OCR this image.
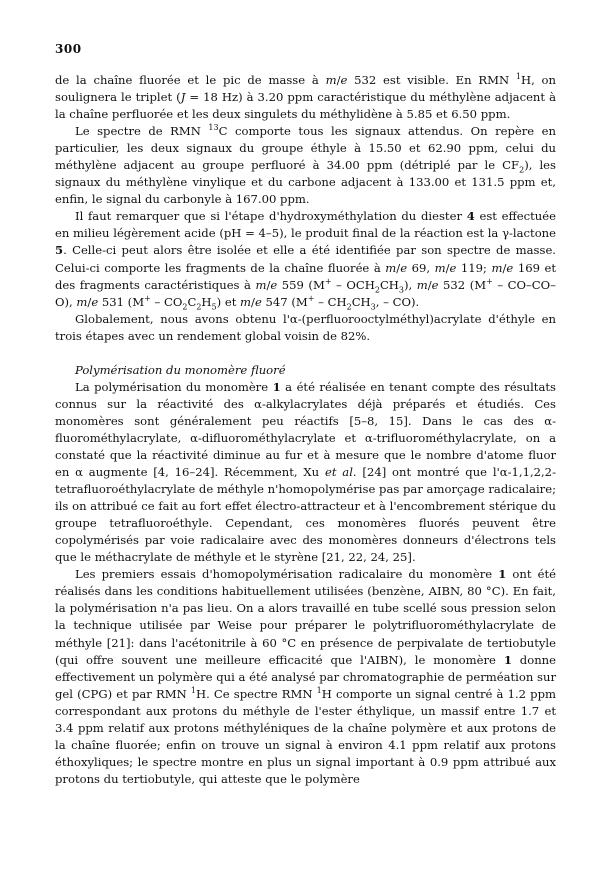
300

de la chaîne fluorée et le pic de masse à m/e 532 est visible. En RMN $^1$H, on soulignera le triplet (J = 18 Hz) à 3.20 ppm caractéristique du méthylène adjacent à la chaîne perfluorée et les deux singulets du méthylidène à 5.85 et 6.50 ppm.

Le spectre de RMN $^{13}$C comporte tous les signaux attendus. On repère en particulier, les deux signaux du groupe éthyle à 15.50 et 62.90 ppm, celui du méthylène adjacent au groupe perfluoré à 34.00 ppm (détriplé par le $CF_2$), les signaux du méthylène vinylique et du carbone adjacent à 133.00 et 131.5 ppm et, enfin, le signal du carbonyle à 167.00 ppm.

Il faut remarquer que si l'étape d'hydroxyméthylation du diester 4 est effectuée en milieu légèrement acide (pH = 4–5), le produit final de la réaction est la γ-lactone 5. Celle-ci peut alors être isolée et elle a été identifiée par son spectre de masse. Celui-ci comporte les fragments de la chaîne fluorée à m/e 69, m/e 119; m/e 169 et des fragments caractéristiques à m/e 559 $(M^+ - OCH_2CH_3)$, m/e 532 (M+ – CO–CO–O), m/e 531 $(M^+ - CO_2C_2H_5)$ et m/e 547 ($M^+ - CH_2CH_3$, – CO).

Globalement, nous avons obtenu l'α-(perfluorooctylméthyl)acrylate d'éthyle en trois étapes avec un rendement global voisin de 82%.

Polymérisation du monomère fluoré

La polymérisation du monomère 1 a été réalisée en tenant compte des résultats connus sur la réactivité des α-alkylacrylates déjà préparés et étudiés. Ces monomères sont généralement peu réactifs [5–8, 15]. Dans le cas des α-fluorométhylacrylate, α-difluorométhylacrylate et α-trifluorométhylacrylate, on a constaté que la réactivité diminue au fur et à mesure que le nombre d'atome fluor en α augmente [4, 16–24]. Récemment, Xu et al. [24] ont montré que l'α-1,1,2,2-tetrafluoroéthylacrylate de méthyle n'homopolymérise pas par amorçage radicalaire; ils on attribué ce fait au fort effet électro-attracteur et à l'encombrement stérique du groupe tetrafluoroéthyle. Cependant, ces monomères fluorés peuvent être copolymérisés par voie radicalaire avec des monomères donneurs d'électrons tels que le méthacrylate de méthyle et le styrène [21, 22, 24, 25].

Les premiers essais d'homopolymérisation radicalaire du monomère 1 ont été réalisés dans les conditions habituellement utilisées (benzène, AIBN, 80 °C). En fait, la polymérisation n'a pas lieu. On a alors travaillé en tube scellé sous pression selon la technique utilisée par Weise pour préparer le polytrifluorométhylacrylate de méthyle [21]: dans l'acétonitrile à 60 °C en présence de perpivalate de tertiobutyle (qui offre souvent une meilleure efficacité que l'AIBN), le monomère 1 donne effectivement un polymère qui a été analysé par chromatographie de perméation sur gel (CPG) et par RMN $^1$H. Ce spectre RMN $^1$H comporte un signal centré à 1.2 ppm correspondant aux protons du méthyle de l'ester éthylique, un massif entre 1.7 et 3.4 ppm relatif aux protons méthyléniques de la chaîne polymère et aux protons de la chaîne fluorée; enfin on trouve un signal à environ 4.1 ppm relatif aux protons éthoxyliques; le spectre montre en plus un signal important à 0.9 ppm attribué aux protons du tertiobutyle, qui atteste que le polymère
